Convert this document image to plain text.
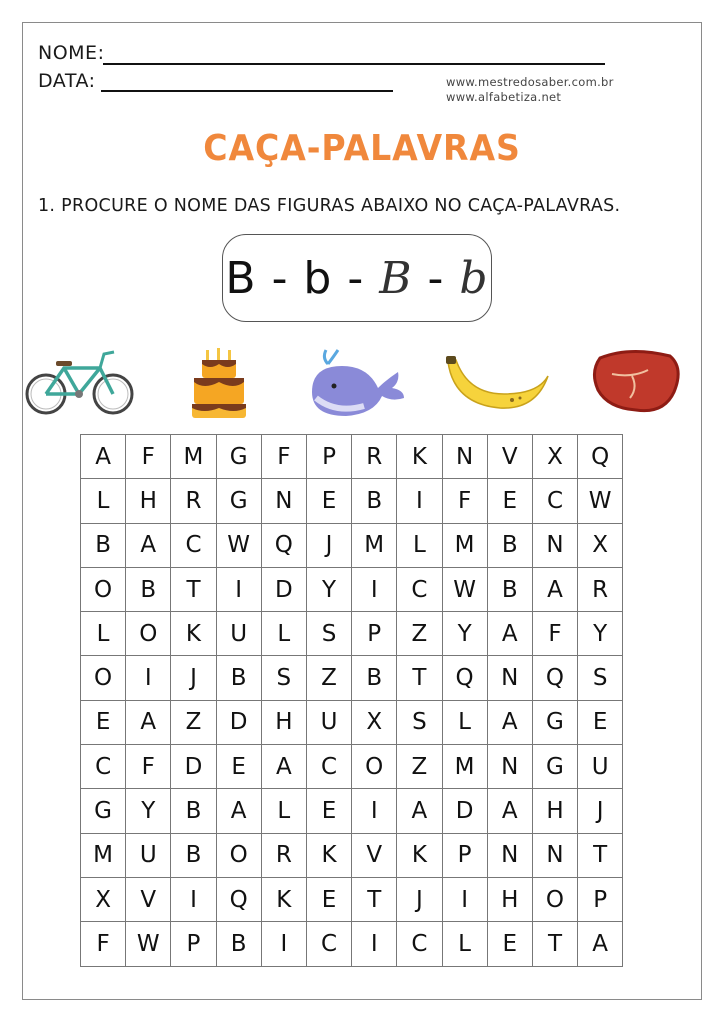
NOME:
DATA:	www.mestredosaber.com.br
www.alfabetiza.net
CAÇA-PALAVRAS
1. PROCURE O NOME DAS FIGURAS ABAIXO NO CAÇA-PALAVRAS.
B - b - B - b
A	F	M	G	F	P	R	K	N	V	X	Q
L	H	R	G	N	E	B	I	F	E	C	W
B	A	C	W	Q	J	M	L	M	B	N	X
O	B	T	I	D	Y	I	C	W	B	A	R
L	O	K	U	L	S	P	Z	Y	A	F	Y
O	I	J	B	S	Z	B	T	Q	N	Q	S
E	A	Z	D	H	U	X	S	L	A	G	E
C	F	D	E	A	C	O	Z	M	N	G	U
G	Y	B	A	L	E	I	A	D	A	H	J
M	U	B	O	R	K	V	K	P	N	N	T
X	V	I	Q	K	E	T	J	I	H	O	P
F	W	P	B	I	C	I	C	L	E	T	A
